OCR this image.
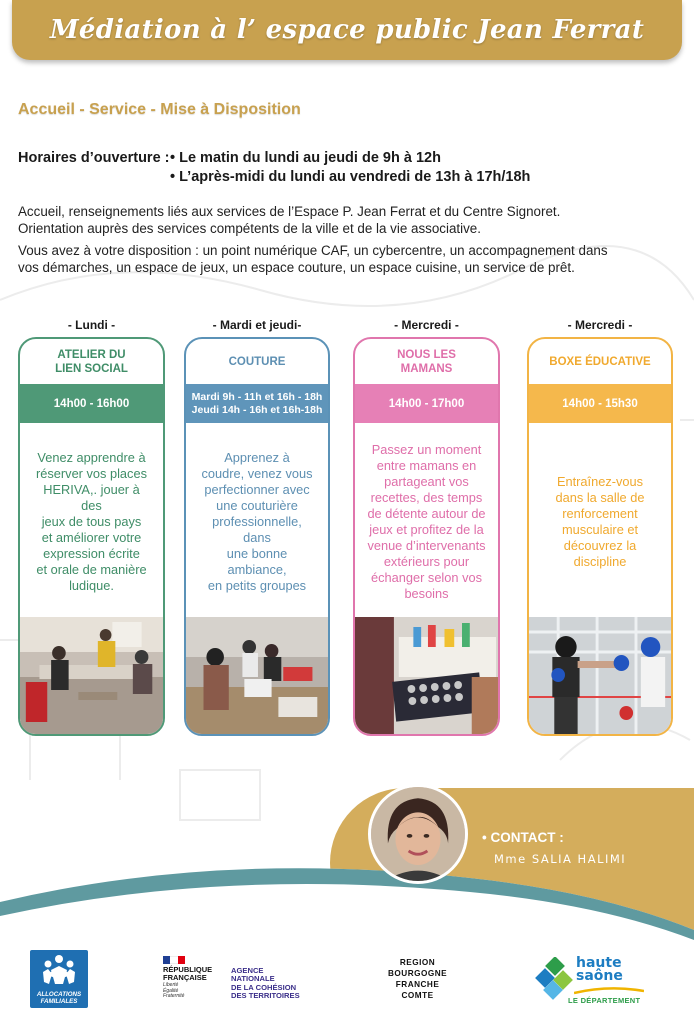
Médiation à l’ espace public Jean Ferrat
Accueil - Service - Mise à Disposition
Horaires d’ouverture : • Le matin du lundi au jeudi de 9h à 12h
• L’après-midi du lundi au vendredi de 13h à 17h/18h

Accueil, renseignements liés aux services de l’Espace P. Jean Ferrat et du Centre Signoret.
Orientation auprès des services compétents de la ville et de la vie associative.

Vous avez à votre disposition : un point numérique CAF, un cybercentre, un accompagnement dans
vos démarches, un espace de jeux, un espace couture, un espace cuisine, un service de prêt.

- Lundi -	- Mardi et jeudi-	- Mercredi -	- Mercredi -
ATELIER DU
LIEN SOCIAL
14h00 - 16h00
Venez apprendre à
réserver vos places
HERIVA,. jouer à des
jeux de tous pays
et améliorer votre
expression écrite
et orale de manière
ludique.
COUTURE
Mardi 9h - 11h et 16h - 18h
Jeudi 14h - 16h et 16h-18h
Apprenez à
coudre, venez vous
perfectionner avec
une couturière
professionnelle, dans
une bonne ambiance,
en petits groupes
NOUS LES
MAMANS
14h00 - 17h00
Passez un moment
entre mamans en
partageant vos
recettes, des temps
de détente autour de
jeux et profitez de la
venue d’intervenants
extérieurs pour
échanger selon vos
besoins
BOXE ÉDUCATIVE
14h00 - 15h30
Entraînez-vous
dans la salle de
renforcement
musculaire et
découvrez la
discipline
• CONTACT :
Mme SALIA HALIMI
ALLOCATIONS
FAMILIALES
RÉPUBLIQUE
FRANÇAISE
Liberté
Égalité
Fraternité
AGENCE
NATIONALE
DE LA COHÉSION
DES TERRITOIRES
REGION
BOURGOGNE
FRANCHE
COMTE
haute
saône
LE DÉPARTEMENT
